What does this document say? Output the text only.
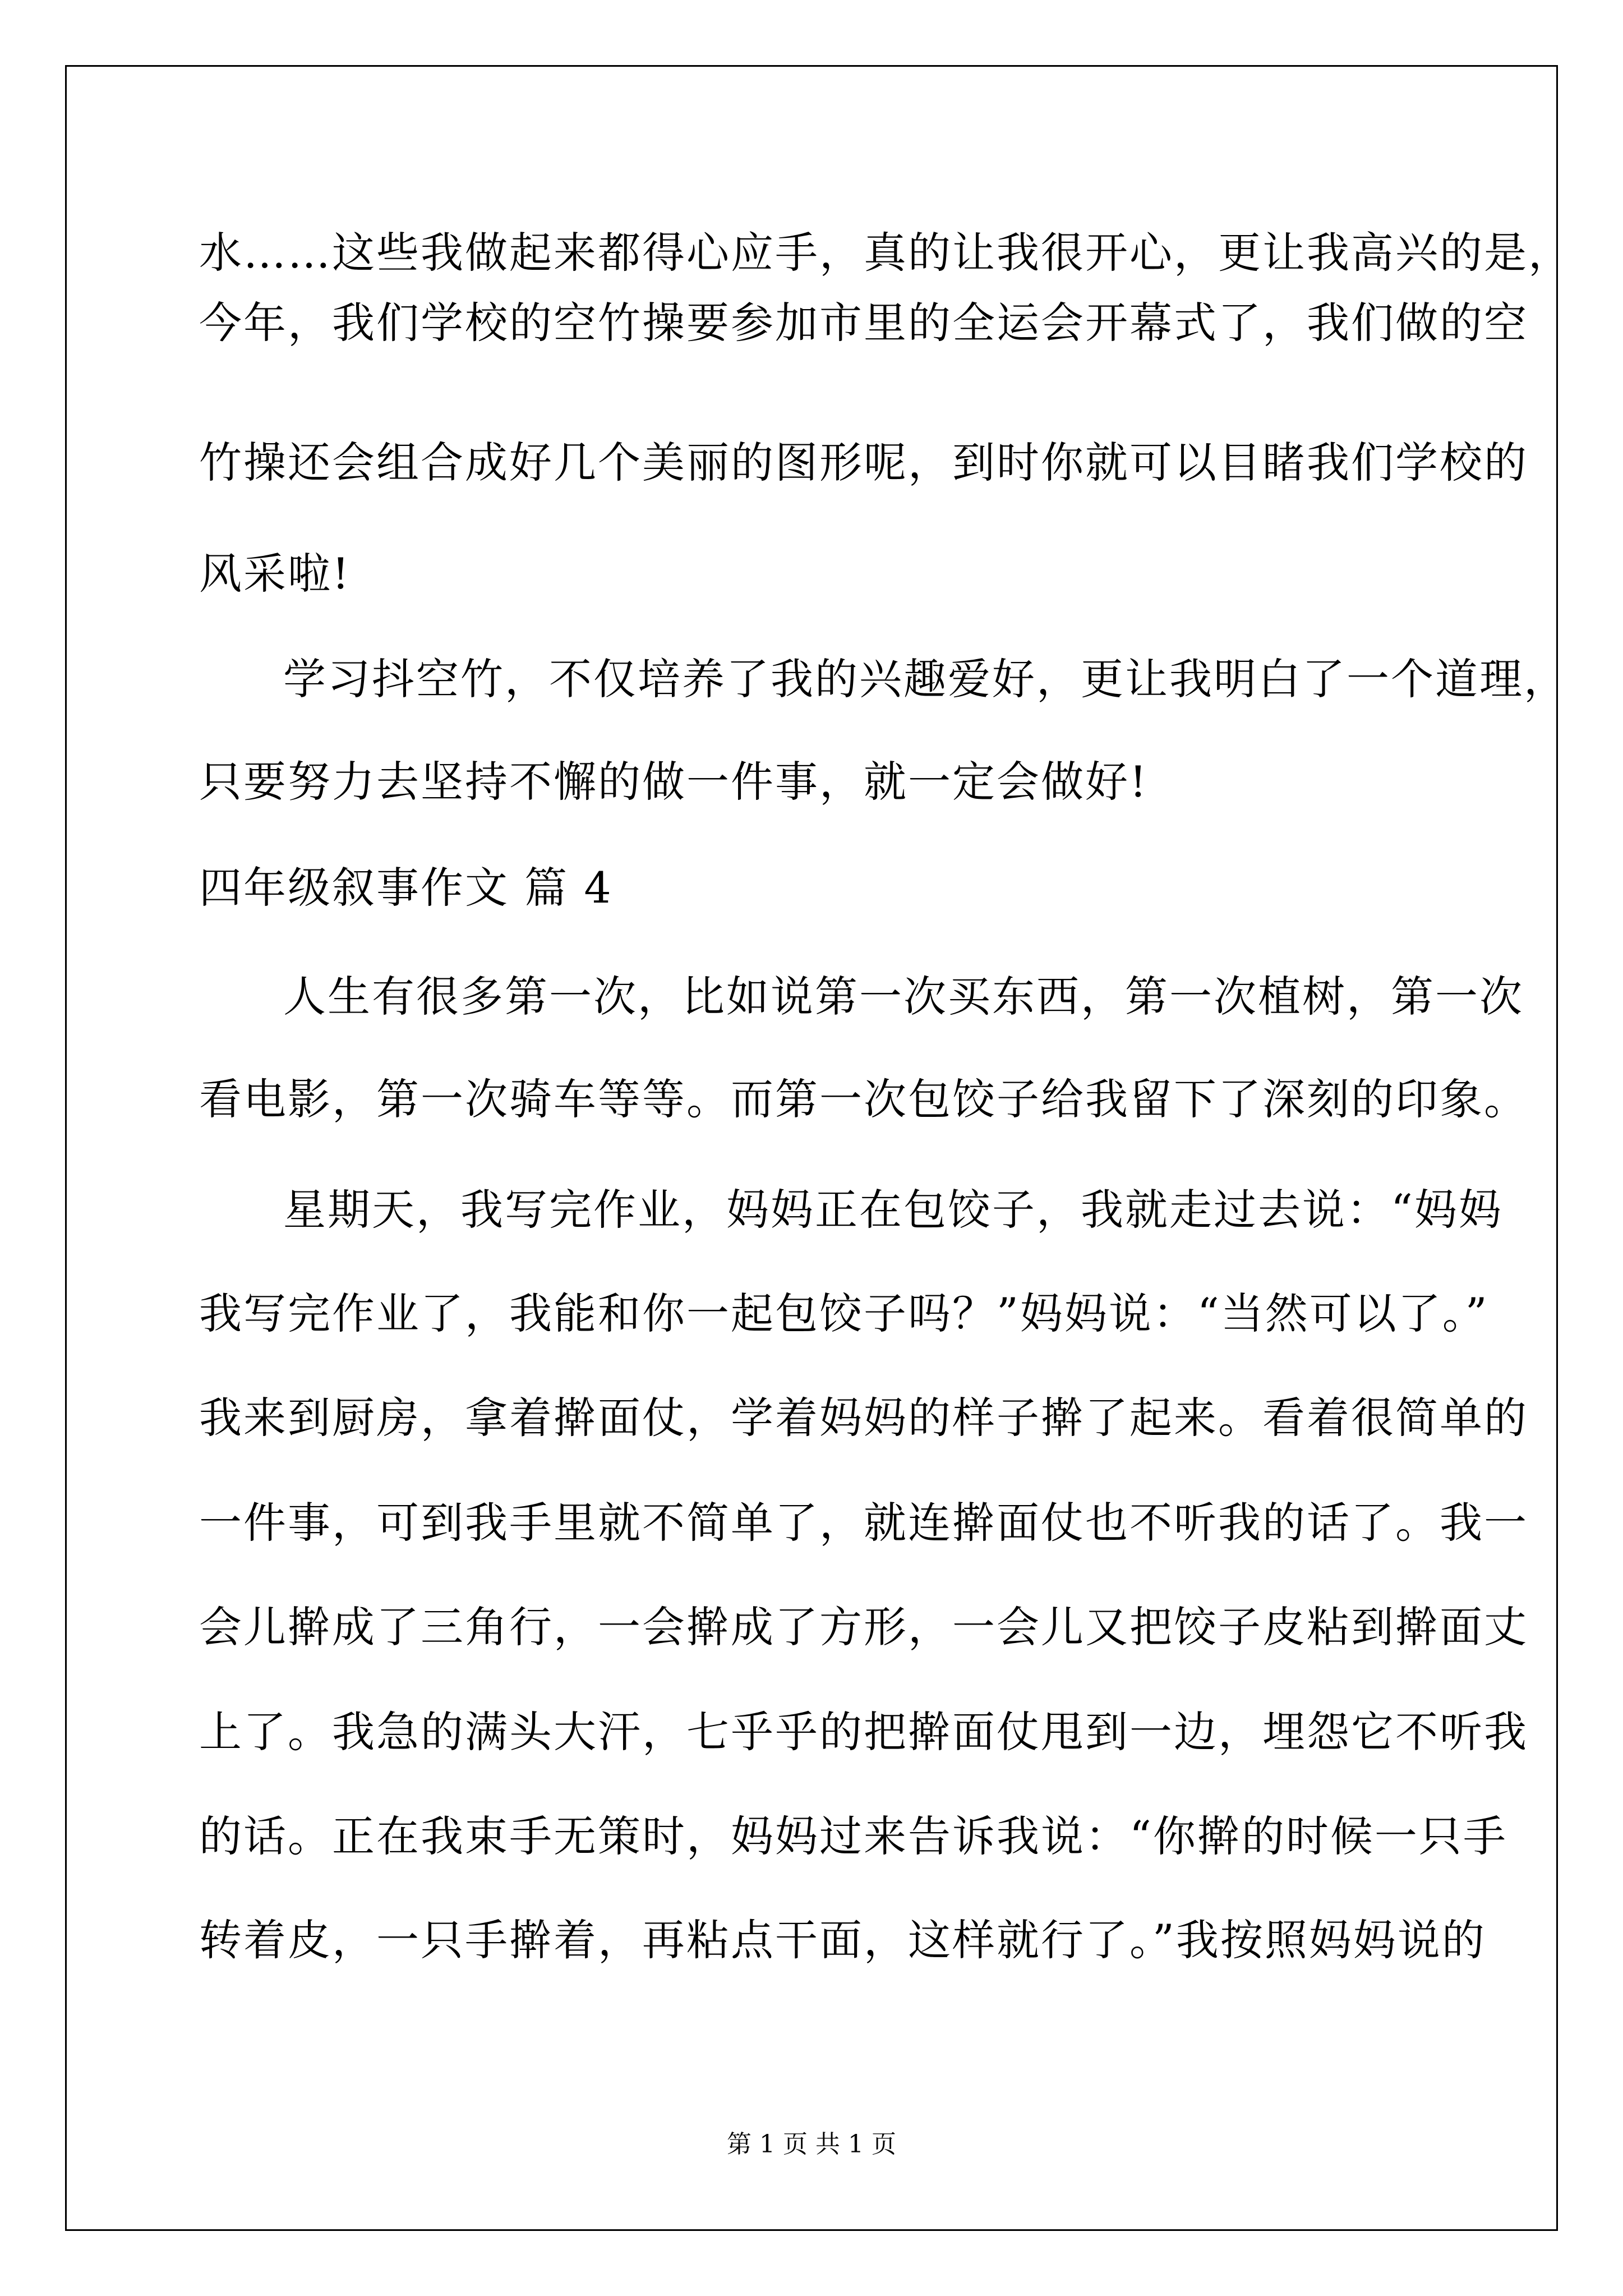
水……这些我做起来都得心应手，真的让我很开心，更让我高兴的是，
今年，我们学校的空竹操要参加市里的全运会开幕式了，我们做的空
竹操还会组合成好几个美丽的图形呢，到时你就可以目睹我们学校的
风采啦!
学习抖空竹，不仅培养了我的兴趣爱好，更让我明白了一个道理，
只要努力去坚持不懈的做一件事，就一定会做好!
四年级叙事作文 篇 4
人生有很多第一次，比如说第一次买东西，第一次植树，第一次
看电影，第一次骑车等等。而第一次包饺子给我留下了深刻的印象。
星期天，我写完作业，妈妈正在包饺子，我就走过去说：“妈妈
我写完作业了，我能和你一起包饺子吗？”妈妈说：“当然可以了。”
我来到厨房，拿着擀面仗，学着妈妈的样子擀了起来。看着很简单的
一件事，可到我手里就不简单了，就连擀面仗也不听我的话了。我一
会儿擀成了三角行，一会擀成了方形，一会儿又把饺子皮粘到擀面丈
上了。我急的满头大汗，七乎乎的把擀面仗甩到一边，埋怨它不听我
的话。正在我束手无策时，妈妈过来告诉我说：“你擀的时候一只手
转着皮，一只手擀着，再粘点干面，这样就行了。”我按照妈妈说的
第 1 页 共 1 页
